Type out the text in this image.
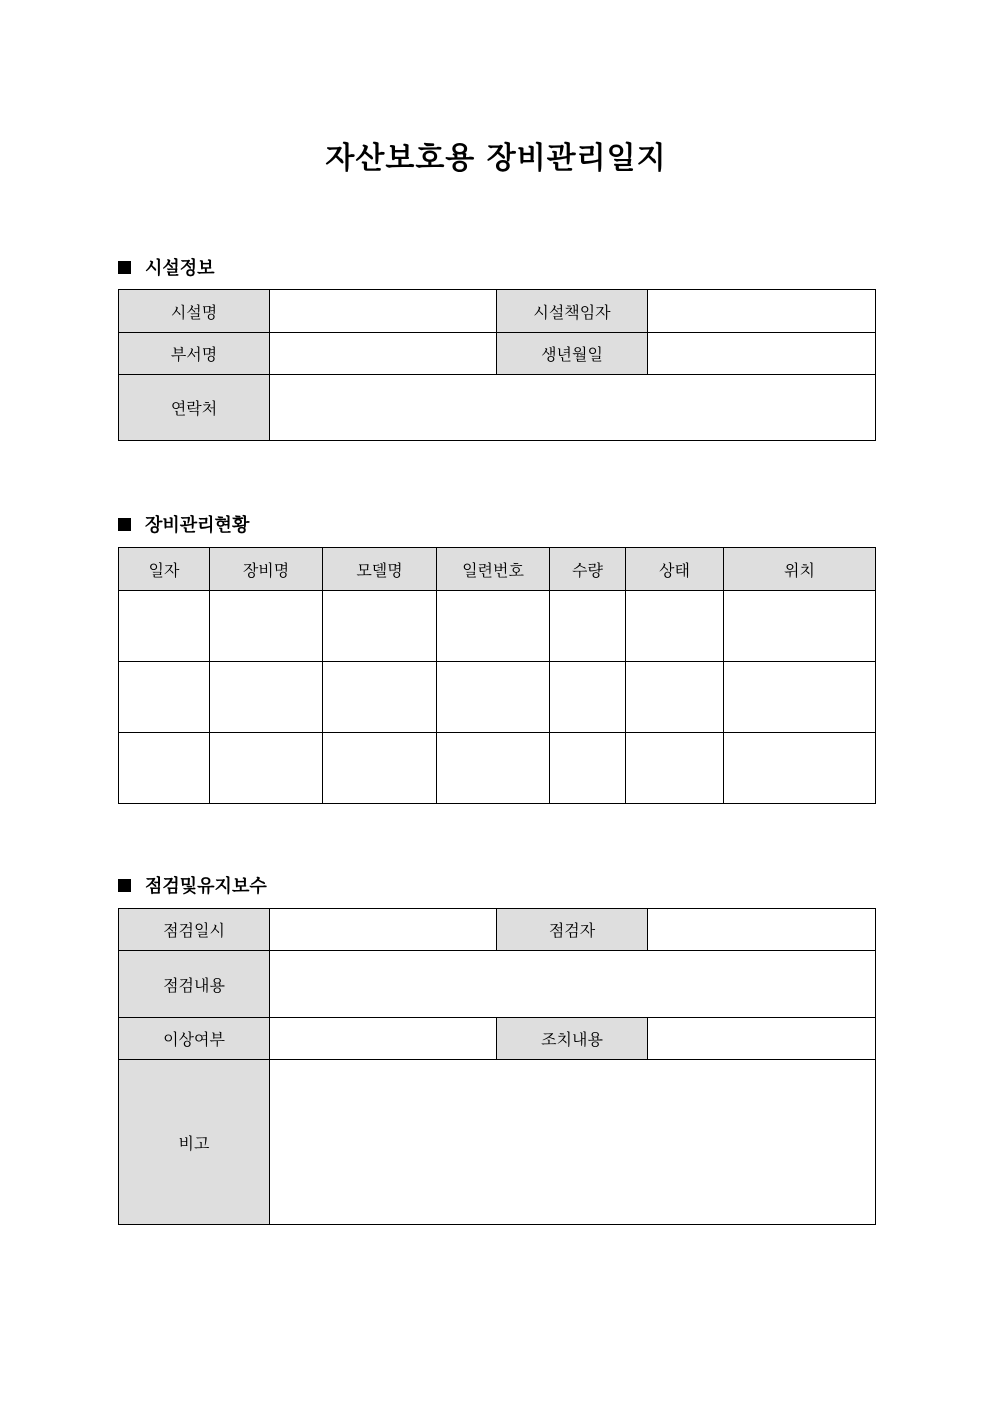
자산보호용 장비관리일지
시설정보
시설명		시설책임자	
부서명		생년월일	
연락처			
장비관리현황
일자	장비명	모델명	일련번호	수량	상태	위치

점검및유지보수
점검일시		점검자	
점검내용			
이상여부		조치내용	
비고			
